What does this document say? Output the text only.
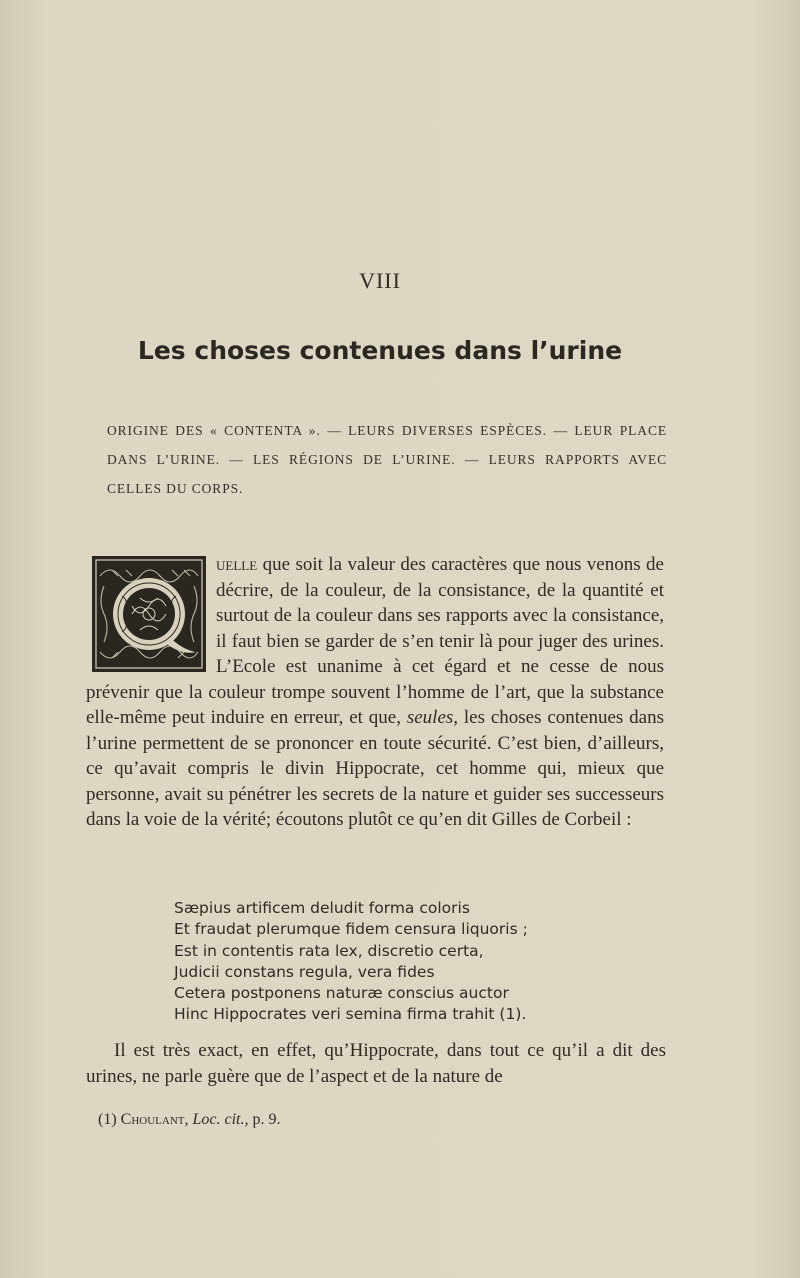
VIII
Les choses contenues dans l’urine
ORIGINE DES « CONTENTA ». — LEURS DIVERSES ESPÈCES. — LEUR PLACE DANS L’URINE. — LES RÉGIONS DE L’URINE. — LEURS RAPPORTS AVEC CELLES DU CORPS.
uelle que soit la valeur des caractères que nous venons de décrire, de la couleur, de la consistance, de la quantité et surtout de la couleur dans ses rapports avec la consistance, il faut bien se garder de s’en tenir là pour juger des urines. L’Ecole est unanime à cet égard et ne cesse de nous prévenir que la couleur trompe souvent l’homme de l’art, que la substance elle-même peut induire en erreur, et que, seules, les choses contenues dans l’urine permettent de se prononcer en toute sécurité. C’est bien, d’ailleurs, ce qu’avait compris le divin Hippocrate, cet homme qui, mieux que personne, avait su pénétrer les secrets de la nature et guider ses successeurs dans la voie de la vérité; écoutons plutôt ce qu’en dit Gilles de Corbeil :
Sæpius artificem deludit forma coloris
Et fraudat plerumque fidem censura liquoris ;
Est in contentis rata lex, discretio certa,
Judicii constans regula, vera fides
Cetera postponens naturæ conscius auctor
Hinc Hippocrates veri semina firma trahit (1).

Il est très exact, en effet, qu’Hippocrate, dans tout ce qu’il a dit des urines, ne parle guère que de l’aspect et de la nature de

(1) Choulant, Loc. cit., p. 9.
